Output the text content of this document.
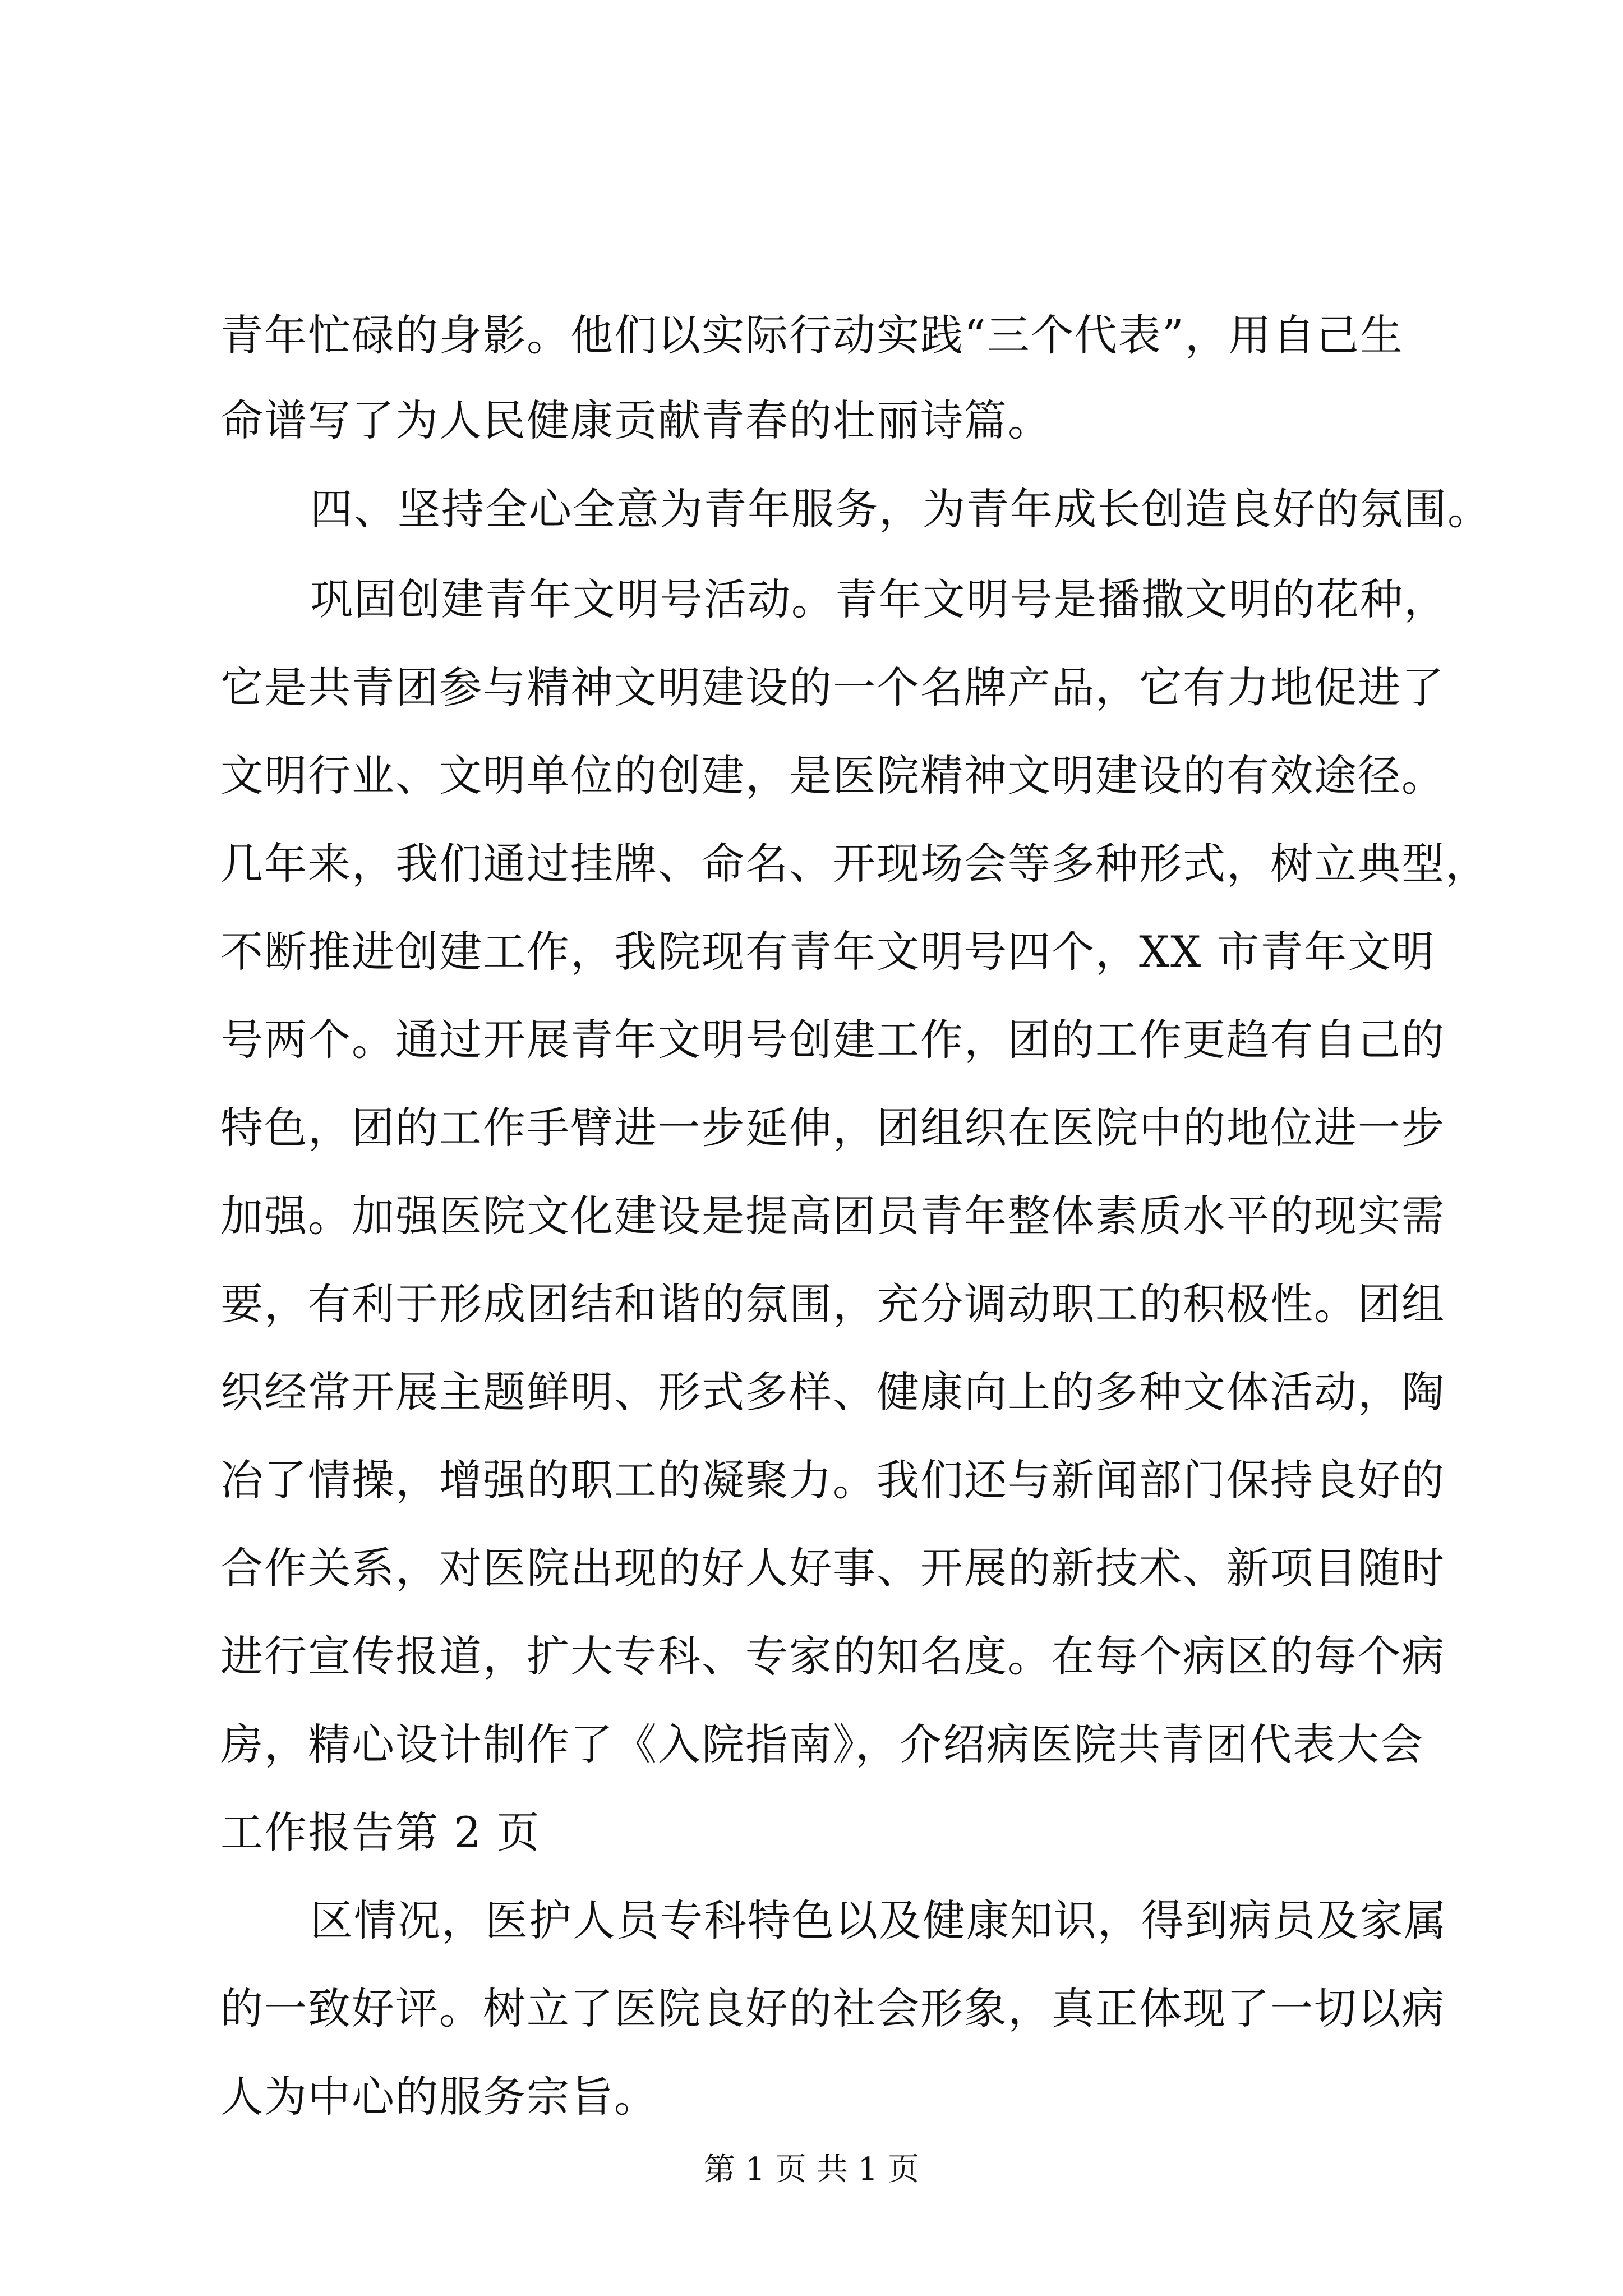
青年忙碌的身影。他们以实际行动实践“三个代表”，用自己生
命谱写了为人民健康贡献青春的壮丽诗篇。
四、坚持全心全意为青年服务，为青年成长创造良好的氛围。
巩固创建青年文明号活动。青年文明号是播撒文明的花种，
它是共青团参与精神文明建设的一个名牌产品，它有力地促进了
文明行业、文明单位的创建，是医院精神文明建设的有效途径。
几年来，我们通过挂牌、命名、开现场会等多种形式，树立典型，
不断推进创建工作，我院现有青年文明号四个，XX 市青年文明
号两个。通过开展青年文明号创建工作，团的工作更趋有自己的
特色，团的工作手臂进一步延伸，团组织在医院中的地位进一步
加强。加强医院文化建设是提高团员青年整体素质水平的现实需
要，有利于形成团结和谐的氛围，充分调动职工的积极性。团组
织经常开展主题鲜明、形式多样、健康向上的多种文体活动，陶
冶了情操，增强的职工的凝聚力。我们还与新闻部门保持良好的
合作关系，对医院出现的好人好事、开展的新技术、新项目随时
进行宣传报道，扩大专科、专家的知名度。在每个病区的每个病
房，精心设计制作了《入院指南》，介绍病医院共青团代表大会
工作报告第 2 页
区情况，医护人员专科特色以及健康知识，得到病员及家属
的一致好评。树立了医院良好的社会形象，真正体现了一切以病
人为中心的服务宗旨。
第 1 页 共 1 页
